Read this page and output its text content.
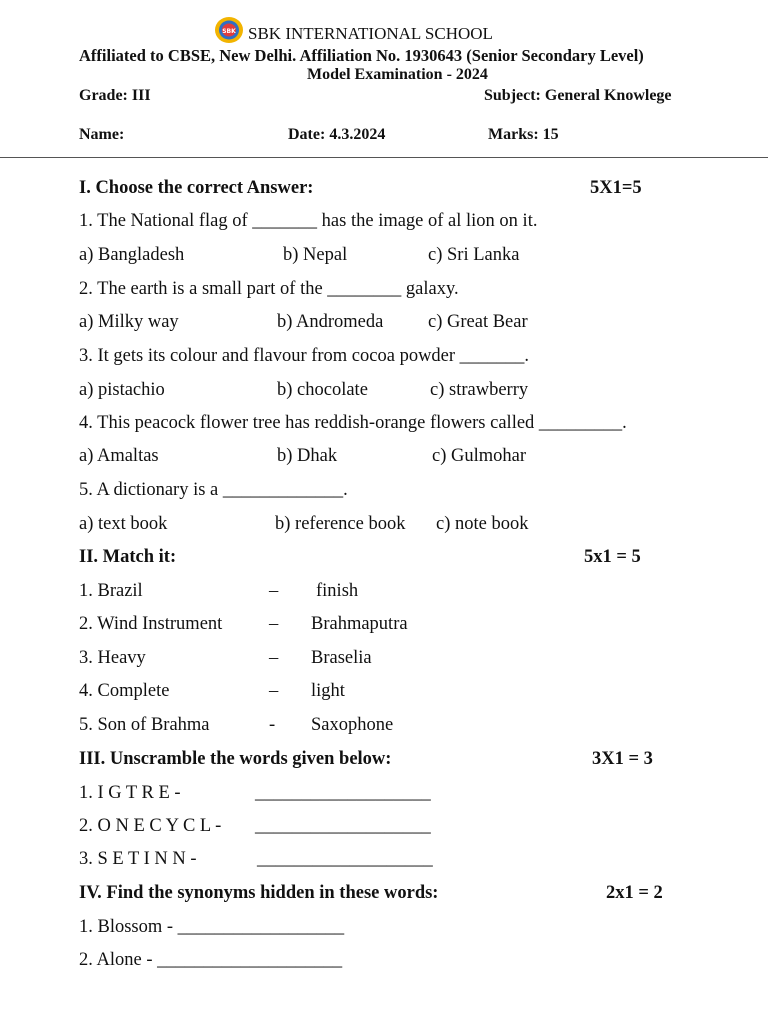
SBK SBK INTERNATIONAL SCHOOL
Affiliated to CBSE, New Delhi. Affiliation No. 1930643 (Senior Secondary Level)
Model Examination - 2024
Grade: III	Subject: General Knowlege
Name:	Date: 4.3.2024	Marks: 15
I. Choose the correct Answer:	5X1=5
1. The National flag of _______ has the image of al lion on it.
a) Bangladesh	b) Nepal	c) Sri Lanka
2. The earth is a small part of the ________ galaxy.
a) Milky way	b) Andromeda c) Great Bear
3. It gets its colour and flavour from cocoa powder _______.
a) pistachio	b) chocolate	c) strawberry
4. This peacock flower tree has reddish-orange flowers called _________.
a) Amaltas	b) Dhak	c) Gulmohar
5. A dictionary is a _____________.
a) text book	b) reference book c) note book
II. Match it:	5x1 = 5
1. Brazil	– finish
2. Wind Instrument	– Brahmaputra
3. Heavy	– Braselia
4. Complete	– light
5. Son of Brahma	- Saxophone
III. Unscramble the words given below:	3X1 = 3
1. I G T R E -	___________________
2. O N E C Y C L - ___________________
3. S E T I N N -	___________________
IV. Find the synonyms hidden in these words:	2x1 = 2
1. Blossom - __________________
2. Alone - ____________________
